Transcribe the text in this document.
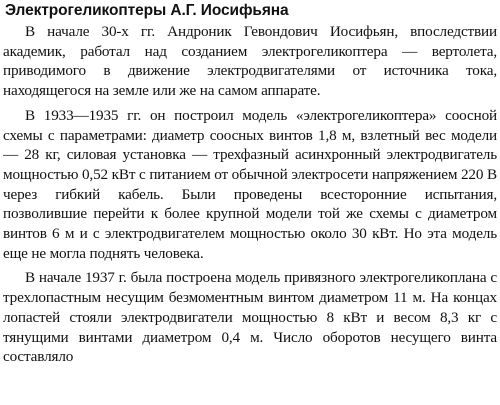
Электрогеликоптеры А.Г. Иосифьяна

В начале 30-х гг. Андроник Гевондович Иосифьян, впоследствии академик, работал над созданием электрогеликоптера — вертолета, приводимого в движение электродвигателями от источника тока, находящегося на земле или же на самом аппарате.

В 1933—1935 гг. он построил модель «электрогеликоптера» соосной схемы с параметрами: диаметр соосных винтов 1,8 м, взлетный вес модели — 28 кг, силовая установка — трехфазный асинхронный электродвигатель мощностью 0,52 кВт с питанием от обычной электросети напряжением 220 В через гибкий кабель. Были проведены всесторонние испытания, позволившие перейти к более крупной модели той же схемы с диаметром винтов 6 м и с электродвигателем мощностью около 30 кВт. Но эта модель еще не могла поднять человека.

В начале 1937 г. была построена модель привязного электрогеликоплана с трехлопастным несущим безмоментным винтом диаметром 11 м. На концах лопастей стояли электродвигатели мощностью 8 кВт и весом 8,3 кг с тянущими винтами диаметром 0,4 м. Число оборотов несущего винта составляло
